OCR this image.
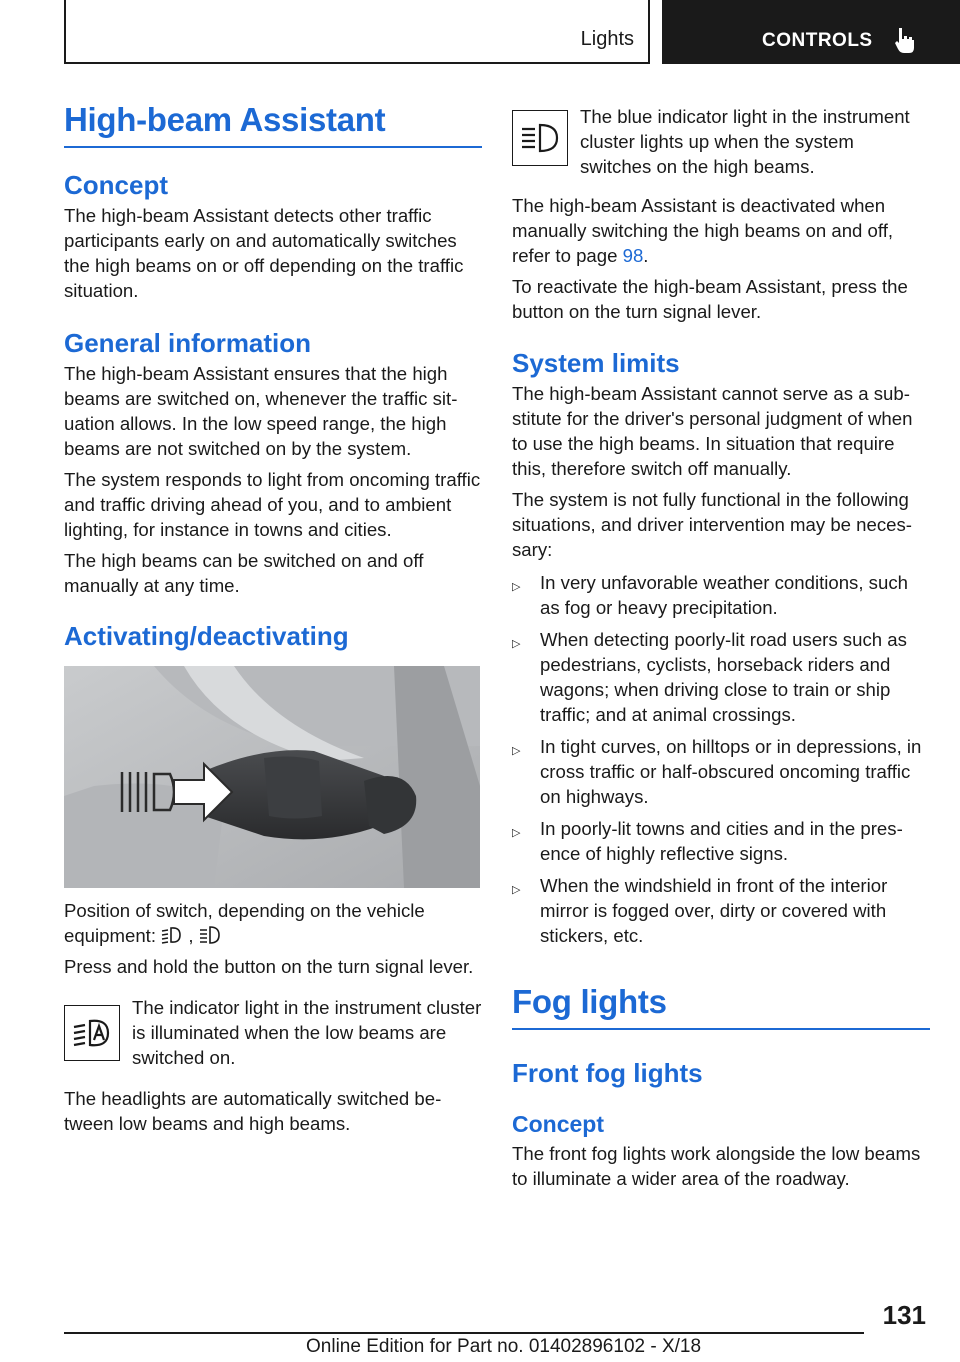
Lights	CONTROLS
High-beam Assistant
Concept

The high-beam Assistant detects other traffic participants early on and automatically switches the high beams on or off depending on the traffic situation.

General information

The high-beam Assistant ensures that the high beams are switched on, whenever the traffic situation allows. In the low speed range, the high beams are not switched on by the system.

The system responds to light from oncoming traffic and traffic driving ahead of you, and to ambient lighting, for instance in towns and cities.

The high beams can be switched on and off manually at any time.

Activating/deactivating

Position of switch, depending on the vehicle equipment: ,

Press and hold the button on the turn signal lever.

The indicator light in the instrument cluster is illuminated when the low beams are switched on.

The headlights are automatically switched between low beams and high beams.

The blue indicator light in the instrument cluster lights up when the system switches on the high beams.

The high-beam Assistant is deactivated when manually switching the high beams on and off, refer to page 98.

To reactivate the high-beam Assistant, press the button on the turn signal lever.

System limits

The high-beam Assistant cannot serve as a substitute for the driver's personal judgment of when to use the high beams. In situation that require this, therefore switch off manually.

The system is not fully functional in the following situations, and driver intervention may be necessary:

▷ In very unfavorable weather conditions, such as fog or heavy precipitation.
▷ When detecting poorly-lit road users such as pedestrians, cyclists, horseback riders and wagons; when driving close to train or ship traffic; and at animal crossings.
▷ In tight curves, on hilltops or in depressions, in cross traffic or half-obscured oncoming traffic on highways.
▷ In poorly-lit towns and cities and in the presence of highly reflective signs.
▷ When the windshield in front of the interior mirror is fogged over, dirty or covered with stickers, etc.
Fog lights
Front fog lights
Concept

The front fog lights work alongside the low beams to illuminate a wider area of the roadway.

131
Online Edition for Part no. 01402896102 - X/18
